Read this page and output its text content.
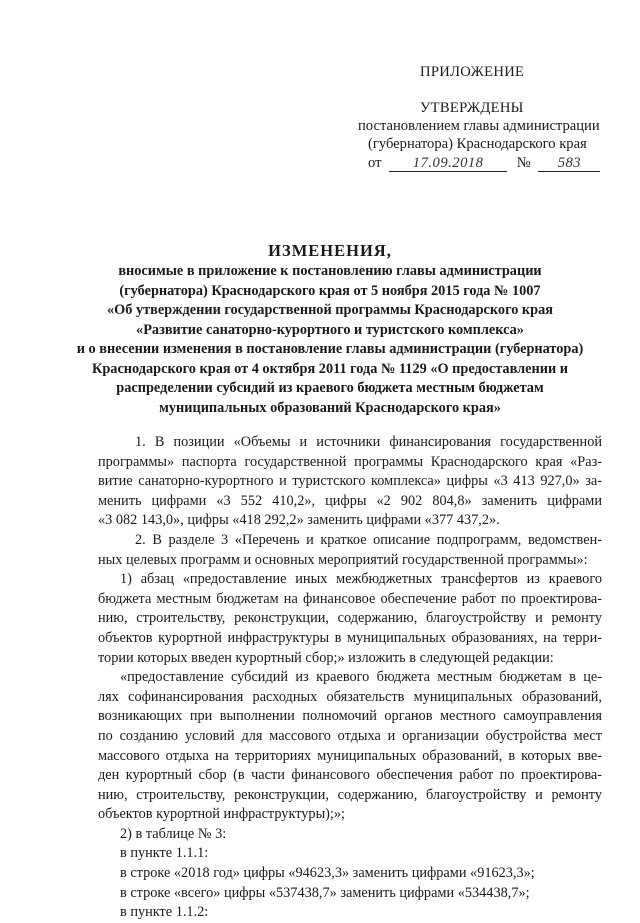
ПРИЛОЖЕНИЕ
УТВЕРЖДЕНЫ
постановлением главы администрации
(губернатора) Краснодарского края
от 17.09.2018 № 583
ИЗМЕНЕНИЯ,
вносимые в приложение к постановлению главы администрации
(губернатора) Краснодарского края от 5 ноября 2015 года № 1007
«Об утверждении государственной программы Краснодарского края
«Развитие санаторно-курортного и туристского комплекса»
и о внесении изменения в постановление главы администрации (губернатора)
Краснодарского края от 4 октября 2011 года № 1129 «О предоставлении и
распределении субсидий из краевого бюджета местным бюджетам
муниципальных образований Краснодарского края»
1. В позиции «Объемы и источники финансирования государственной
программы» паспорта государственной программы Краснодарского края «Раз-
витие санаторно-курортного и туристского комплекса» цифры «3 413 927,0» за-
менить цифрами «3 552 410,2», цифры «2 902 804,8» заменить цифрами
«3 082 143,0», цифры «418 292,2» заменить цифрами «377 437,2».
2. В разделе 3 «Перечень и краткое описание подпрограмм, ведомствен-
ных целевых программ и основных мероприятий государственной программы»:
1) абзац «предоставление иных межбюджетных трансфертов из краевого
бюджета местным бюджетам на финансовое обеспечение работ по проектирова-
нию, строительству, реконструкции, содержанию, благоустройству и ремонту
объектов курортной инфраструктуры в муниципальных образованиях, на терри-
тории которых введен курортный сбор;» изложить в следующей редакции:
«предоставление субсидий из краевого бюджета местным бюджетам в це-
лях софинансирования расходных обязательств муниципальных образований,
возникающих при выполнении полномочий органов местного самоуправления
по созданию условий для массового отдыха и организации обустройства мест
массового отдыха на территориях муниципальных образований, в которых вве-
ден курортный сбор (в части финансового обеспечения работ по проектирова-
нию, строительству, реконструкции, содержанию, благоустройству и ремонту
объектов курортной инфраструктуры);»;

2) в таблице № 3:

в пункте 1.1.1:

в строке «2018 год» цифры «94623,3» заменить цифрами «91623,3»;

в строке «всего» цифры «537438,7» заменить цифрами «534438,7»;

в пункте 1.1.2:
